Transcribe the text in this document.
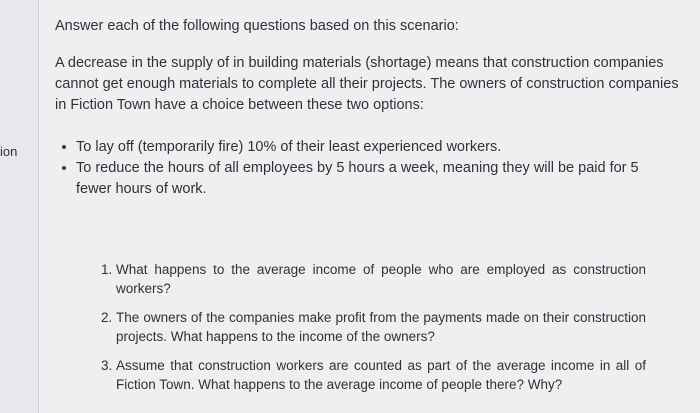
ion
Answer each of the following questions based on this scenario:
A decrease in the supply of in building materials (shortage) means that construction companies cannot get enough materials to complete all their projects. The owners of construction companies in Fiction Town have a choice between these two options:
To lay off (temporarily fire) 10% of their least experienced workers.
To reduce the hours of all employees by 5 hours a week, meaning they will be paid for 5 fewer hours of work.
1. What happens to the average income of people who are employed as construction workers?
2. The owners of the companies make profit from the payments made on their construction projects. What happens to the income of the owners?
3. Assume that construction workers are counted as part of the average income in all of Fiction Town. What happens to the average income of people there? Why?
